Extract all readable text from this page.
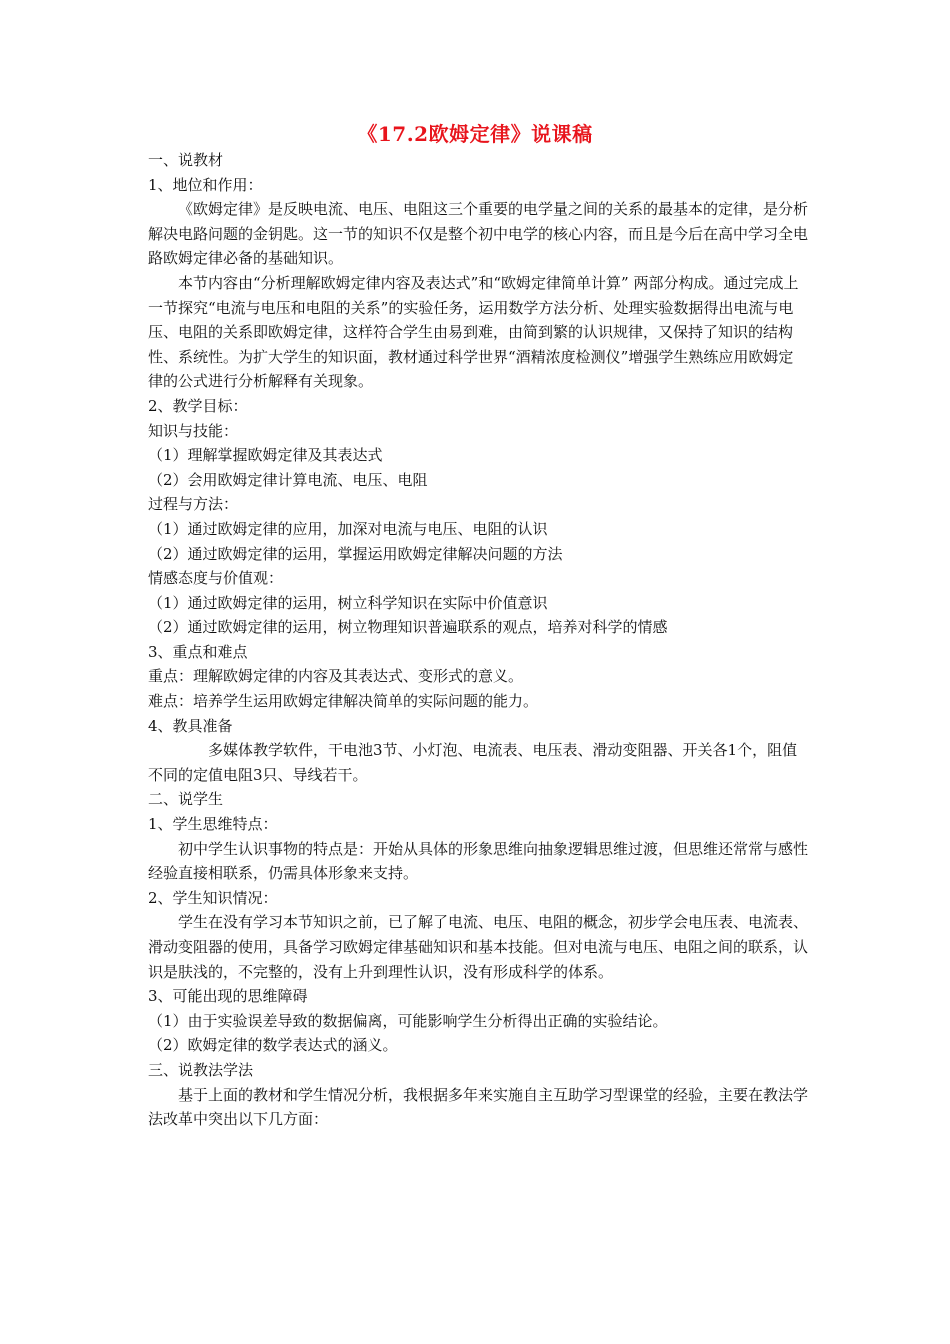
《17.2欧姆定律》说课稿

一、说教材

1、地位和作用：

《欧姆定律》是反映电流、电压、电阻这三个重要的电学量之间的关系的最基本的定律，是分析解决电路问题的金钥匙。这一节的知识不仅是整个初中电学的核心内容，而且是今后在高中学习全电路欧姆定律必备的基础知识。

本节内容由“分析理解欧姆定律内容及表达式”和“欧姆定律简单计算” 两部分构成。通过完成上一节探究“电流与电压和电阻的关系”的实验任务，运用数学方法分析、处理实验数据得出电流与电压、电阻的关系即欧姆定律，这样符合学生由易到难，由简到繁的认识规律，又保持了知识的结构性、系统性。为扩大学生的知识面，教材通过科学世界“酒精浓度检测仪”增强学生熟练应用欧姆定律的公式进行分析解释有关现象。

2、教学目标：

知识与技能：

（1）理解掌握欧姆定律及其表达式

（2）会用欧姆定律计算电流、电压、电阻

过程与方法：

（1）通过欧姆定律的应用，加深对电流与电压、电阻的认识

（2）通过欧姆定律的运用，掌握运用欧姆定律解决问题的方法

情感态度与价值观：

（1）通过欧姆定律的运用，树立科学知识在实际中价值意识

（2）通过欧姆定律的运用，树立物理知识普遍联系的观点，培养对科学的情感

3、重点和难点

重点：理解欧姆定律的内容及其表达式、变形式的意义。

难点：培养学生运用欧姆定律解决简单的实际问题的能力。

4、教具准备

多媒体教学软件，干电池3节、小灯泡、电流表、电压表、滑动变阻器、开关各1个，阻值不同的定值电阻3只、导线若干。

二、说学生

1、学生思维特点：

初中学生认识事物的特点是：开始从具体的形象思维向抽象逻辑思维过渡，但思维还常常与感性经验直接相联系，仍需具体形象来支持。

2、学生知识情况：

学生在没有学习本节知识之前，已了解了电流、电压、电阻的概念，初步学会电压表、电流表、滑动变阻器的使用，具备学习欧姆定律基础知识和基本技能。但对电流与电压、电阻之间的联系，认识是肤浅的，不完整的，没有上升到理性认识，没有形成科学的体系。

3、可能出现的思维障碍

（1）由于实验误差导致的数据偏离，可能影响学生分析得出正确的实验结论。

（2）欧姆定律的数学表达式的涵义。

三、说教法学法

基于上面的教材和学生情况分析，我根据多年来实施自主互助学习型课堂的经验，主要在教法学法改革中突出以下几方面：
